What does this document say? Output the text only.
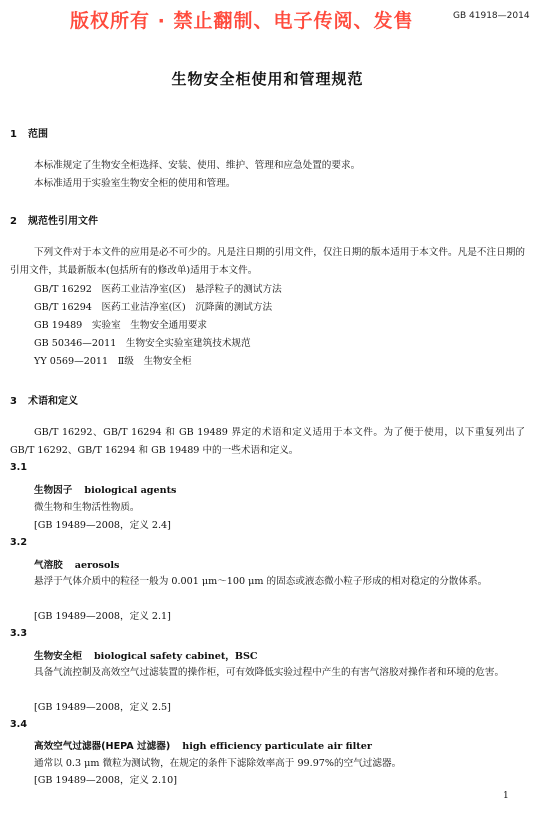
版权所有 · 禁止翻制、电子传阅、发售	GB 41918—2014
生物安全柜使用和管理规范
1 范围
本标准规定了生物安全柜选择、安装、使用、维护、管理和应急处置的要求。
本标准适用于实验室生物安全柜的使用和管理。
2 规范性引用文件
下列文件对于本文件的应用是必不可少的。凡是注日期的引用文件，仅注日期的版本适用于本文件。凡是不注日期的引用文件，其最新版本(包括所有的修改单)适用于本文件。
GB/T 16292　医药工业洁净室(区)　悬浮粒子的测试方法
GB/T 16294　医药工业洁净室(区)　沉降菌的测试方法
GB 19489　实验室　生物安全通用要求
GB 50346—2011　生物安全实验室建筑技术规范
YY 0569—2011　Ⅱ级　生物安全柜
3 术语和定义
GB/T 16292、GB/T 16294 和 GB 19489 界定的术语和定义适用于本文件。为了便于使用，以下重复列出了 GB/T 16292、GB/T 16294 和 GB 19489 中的一些术语和定义。
3.1
生物因子 biological agents
微生物和生物活性物质。
[GB 19489—2008，定义 2.4]
3.2
气溶胶 aerosols
悬浮于气体介质中的粒径一般为 0.001 μm～100 μm 的固态或液态微小粒子形成的相对稳定的分散体系。
[GB 19489—2008，定义 2.1]
3.3
生物安全柜 biological safety cabinet，BSC
具备气流控制及高效空气过滤装置的操作柜，可有效降低实验过程中产生的有害气溶胶对操作者和环境的危害。
[GB 19489—2008，定义 2.5]
3.4
高效空气过滤器(HEPA 过滤器) high efficiency particulate air filter
通常以 0.3 μm 微粒为测试物，在规定的条件下滤除效率高于 99.97%的空气过滤器。
[GB 19489—2008，定义 2.10]
1
